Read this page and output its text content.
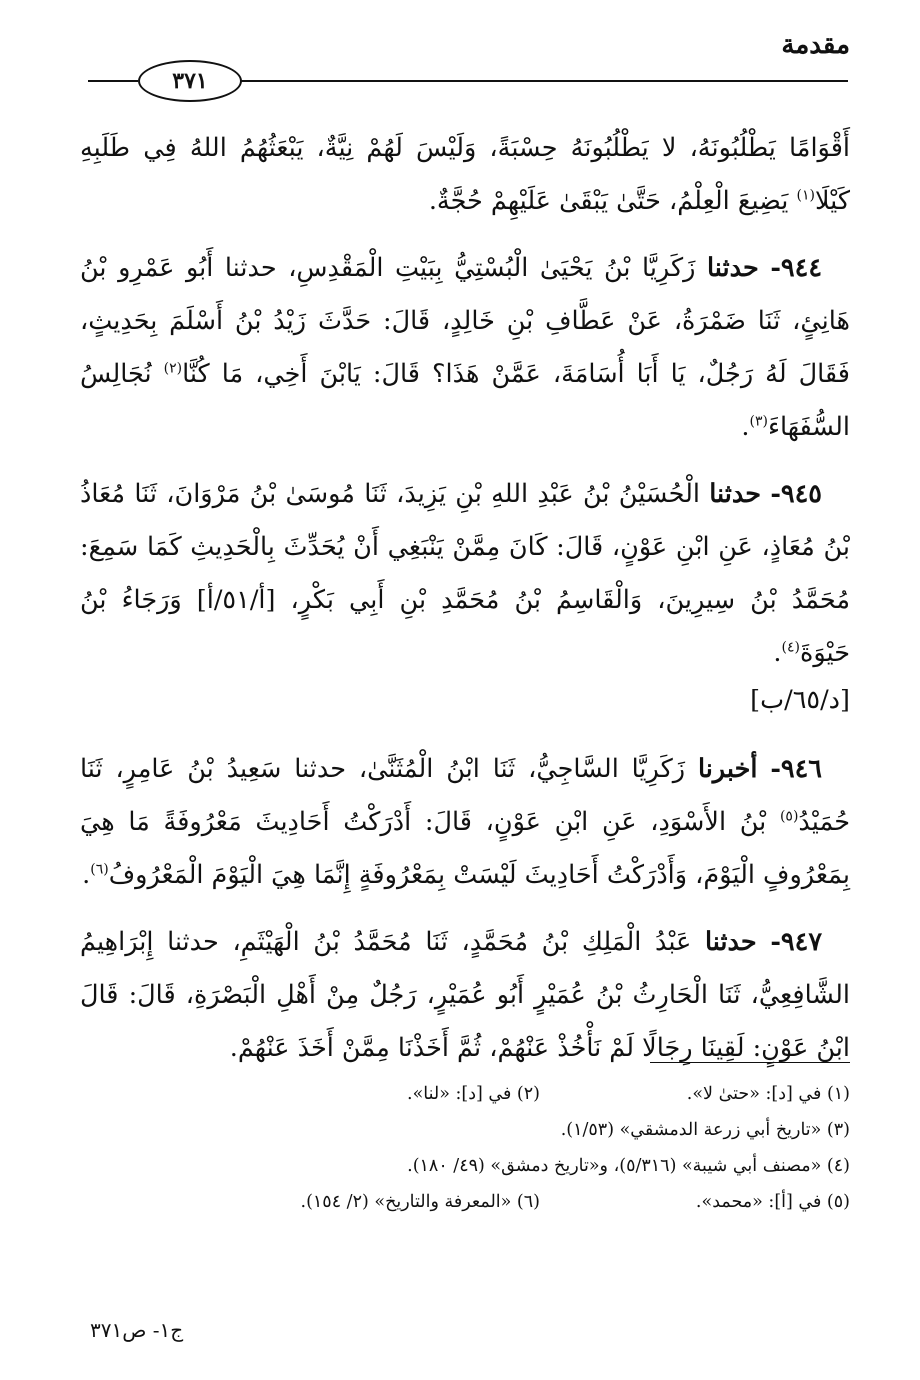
مقدمة
٣٧١

أَقْوَامًا يَطْلُبُونَهُ، لا يَطْلُبُونَهُ حِسْبَةً، وَلَيْسَ لَهُمْ نِيَّةٌ، يَبْعَثُهُمُ اللهُ فِي طَلَبِهِ كَيْلَا$^{(١)}$ يَضِيعَ الْعِلْمُ، حَتَّىٰ يَبْقَىٰ عَلَيْهِمْ حُجَّةٌ.

٩٤٤- حدثنا زَكَرِيَّا بْنُ يَحْيَىٰ الْبُسْتِيُّ بِبَيْتِ الْمَقْدِسِ، حدثنا أَبُو عَمْرِو بْنُ هَانِئٍ، ثَنَا ضَمْرَةُ، عَنْ عَطَّافِ بْنِ خَالِدٍ، قَالَ: حَدَّثَ زَيْدُ بْنُ أَسْلَمَ بِحَدِيثٍ، فَقَالَ لَهُ رَجُلٌ، يَا أَبَا أُسَامَةَ، عَمَّنْ هَذَا؟ قَالَ: يَابْنَ أَخِي، مَا كُنَّا$^{(٢)}$ نُجَالِسُ السُّفَهَاءَ$^{(٣)}$.

٩٤٥- حدثنا الْحُسَيْنُ بْنُ عَبْدِ اللهِ بْنِ يَزِيدَ، ثَنَا مُوسَىٰ بْنُ مَرْوَانَ، ثَنَا مُعَاذُ بْنُ مُعَاذٍ، عَنِ ابْنِ عَوْنٍ، قَالَ: كَانَ مِمَّنْ يَنْبَغِي أَنْ يُحَدِّثَ بِالْحَدِيثِ كَمَا سَمِعَ: مُحَمَّدُ بْنُ سِيرِينَ، وَالْقَاسِمُ بْنُ مُحَمَّدِ بْنِ أَبِي بَكْرٍ، [أ/٥١/أ] وَرَجَاءُ بْنُ حَيْوَةَ$^{(٤)}$.

[د/٦٥/ب]

٩٤٦- أخبرنا زَكَرِيَّا السَّاجِيُّ، ثَنَا ابْنُ الْمُثَنَّىٰ، حدثنا سَعِيدُ بْنُ عَامِرٍ، ثَنَا حُمَيْدُ$^{(٥)}$ بْنُ الأَسْوَدِ، عَنِ ابْنِ عَوْنٍ، قَالَ: أَدْرَكْتُ أَحَادِيثَ مَعْرُوفَةً مَا هِيَ بِمَعْرُوفٍ الْيَوْمَ، وَأَدْرَكْتُ أَحَادِيثَ لَيْسَتْ بِمَعْرُوفَةٍ إِنَّمَا هِيَ الْيَوْمَ الْمَعْرُوفُ$^{(٦)}$.

٩٤٧- حدثنا عَبْدُ الْمَلِكِ بْنُ مُحَمَّدٍ، ثَنَا مُحَمَّدُ بْنُ الْهَيْثَمِ، حدثنا إِبْرَاهِيمُ الشَّافِعِيُّ، ثَنَا الْحَارِثُ بْنُ عُمَيْرٍ أَبُو عُمَيْرٍ، رَجُلٌ مِنْ أَهْلِ الْبَصْرَةِ، قَالَ: قَالَ ابْنُ عَوْنٍ: لَقِينَا رِجَالًا لَمْ نَأْخُذْ عَنْهُمْ، ثُمَّ أَخَذْنَا مِمَّنْ أَخَذَ عَنْهُمْ.

(١) في [د]: «حتىٰ لا».
(٢) في [د]: «لنا».
(٣) «تاريخ أبي زرعة الدمشقي» (١/٥٣).
(٤) «مصنف أبي شيبة» (٥/٣١٦)، و«تاريخ دمشق» (٤٩/ ١٨٠).
(٥) في [أ]: «محمد».
(٦) «المعرفة والتاريخ» (٢/ ١٥٤).
ج١- ص٣٧١
